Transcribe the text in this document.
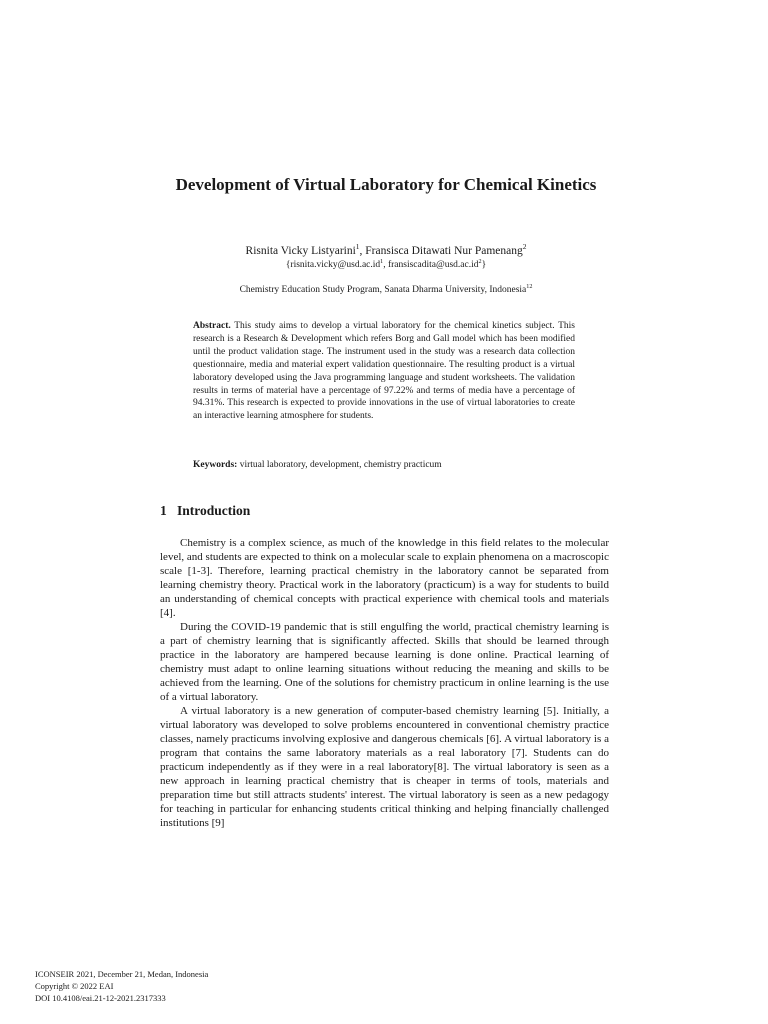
Development of Virtual Laboratory for Chemical Kinetics
Risnita Vicky Listyarini$^1$, Fransisca Ditawati Nur Pamenang$^2$
{$risnita.vicky@usd.ac.id^1$, $fransiscadita@usd.ac.id^2$}
Chemistry Education Study Program, Sanata Dharma University, Indonesia$^{12}$

Abstract. This study aims to develop a virtual laboratory for the chemical kinetics subject. This research is a Research & Development which refers Borg and Gall model which has been modified until the product validation stage. The instrument used in the study was a research data collection questionnaire, media and material expert validation questionnaire. The resulting product is a virtual laboratory developed using the Java programming language and student worksheets. The validation results in terms of material have a percentage of 97.22% and terms of media have a percentage of 94.31%. This research is expected to provide innovations in the use of virtual laboratories to create an interactive learning atmosphere for students.

Keywords: virtual laboratory, development, chemistry practicum

1 Introduction

Chemistry is a complex science, as much of the knowledge in this field relates to the molecular level, and students are expected to think on a molecular scale to explain phenomena on a macroscopic scale [1-3]. Therefore, learning practical chemistry in the laboratory cannot be separated from learning chemistry theory. Practical work in the laboratory (practicum) is a way for students to build an understanding of chemical concepts with practical experience with chemical tools and materials [4].

During the COVID-19 pandemic that is still engulfing the world, practical chemistry learning is a part of chemistry learning that is significantly affected. Skills that should be learned through practice in the laboratory are hampered because learning is done online. Practical learning of chemistry must adapt to online learning situations without reducing the meaning and skills to be achieved from the learning. One of the solutions for chemistry practicum in online learning is the use of a virtual laboratory.

A virtual laboratory is a new generation of computer-based chemistry learning [5]. Initially, a virtual laboratory was developed to solve problems encountered in conventional chemistry practice classes, namely practicums involving explosive and dangerous chemicals [6]. A virtual laboratory is a program that contains the same laboratory materials as a real laboratory [7]. Students can do practicum independently as if they were in a real laboratory[8]. The virtual laboratory is seen as a new approach in learning practical chemistry that is cheaper in terms of tools, materials and preparation time but still attracts students' interest. The virtual laboratory is seen as a new pedagogy for teaching in particular for enhancing students critical thinking and helping financially challenged institutions [9]

ICONSEIR 2021, December 21, Medan, Indonesia
Copyright © 2022 EAI
DOI 10.4108/eai.21-12-2021.2317333
